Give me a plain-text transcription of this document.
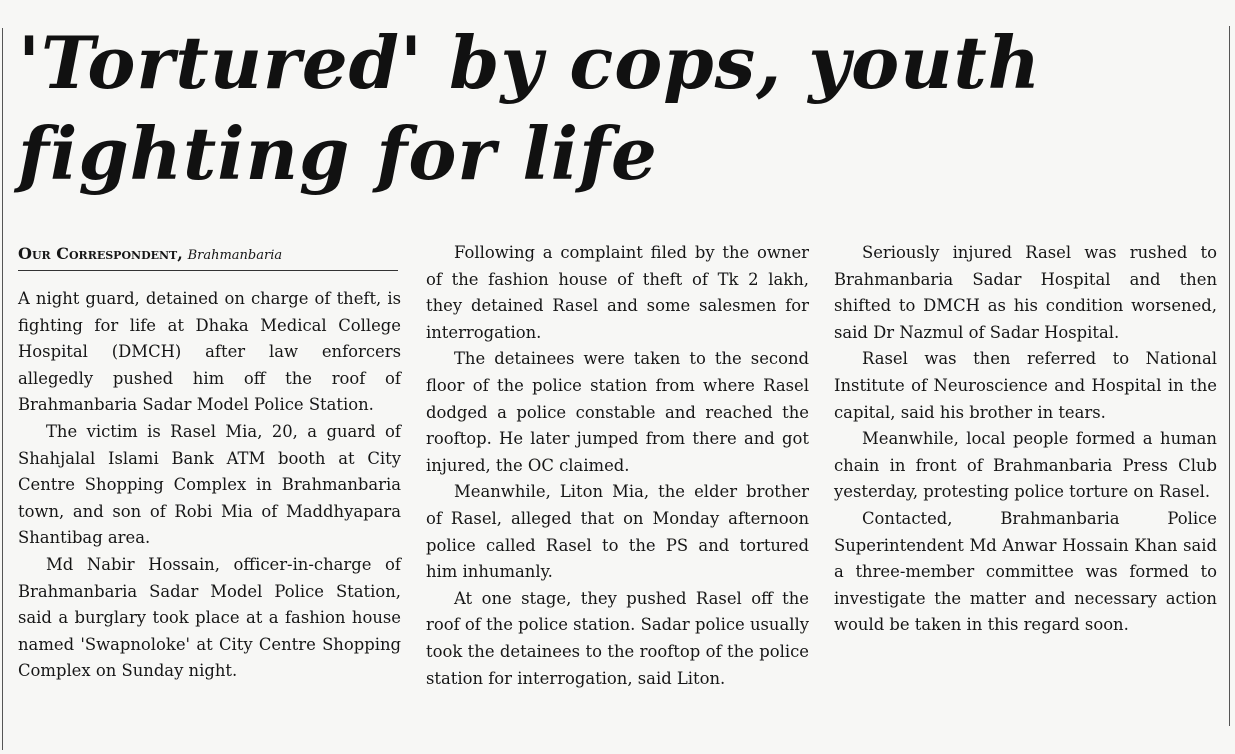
'Tortured' by cops, youth
fighting for life
Our Correspondent, Brahmanbaria

A night guard, detained on charge of theft, is fighting for life at Dhaka Medical College Hospital (DMCH) after law enforcers allegedly pushed him off the roof of Brahmanbaria Sadar Model Police Station.

The victim is Rasel Mia, 20, a guard of Shahjalal Islami Bank ATM booth at City Centre Shopping Complex in Brahmanbaria town, and son of Robi Mia of Maddhyapara Shantibag area.

Md Nabir Hossain, officer-in-charge of Brahmanbaria Sadar Model Police Station, said a burglary took place at a fashion house named 'Swapnoloke' at City Centre Shopping Complex on Sunday night.

Following a complaint filed by the owner of the fashion house of theft of Tk 2 lakh, they detained Rasel and some salesmen for interrogation.

The detainees were taken to the second floor of the police station from where Rasel dodged a police constable and reached the rooftop. He later jumped from there and got injured, the OC claimed.

Meanwhile, Liton Mia, the elder brother of Rasel, alleged that on Monday afternoon police called Rasel to the PS and tortured him inhumanly.

At one stage, they pushed Rasel off the roof of the police station. Sadar police usually took the detainees to the rooftop of the police station for interrogation, said Liton.

Seriously injured Rasel was rushed to Brahmanbaria Sadar Hospital and then shifted to DMCH as his condition worsened, said Dr Nazmul of Sadar Hospital.

Rasel was then referred to National Institute of Neuroscience and Hospital in the capital, said his brother in tears.

Meanwhile, local people formed a human chain in front of Brahmanbaria Press Club yesterday, protesting police torture on Rasel.

Contacted, Brahmanbaria Police Superintendent Md Anwar Hossain Khan said a three-member committee was formed to investigate the matter and necessary action would be taken in this regard soon.
